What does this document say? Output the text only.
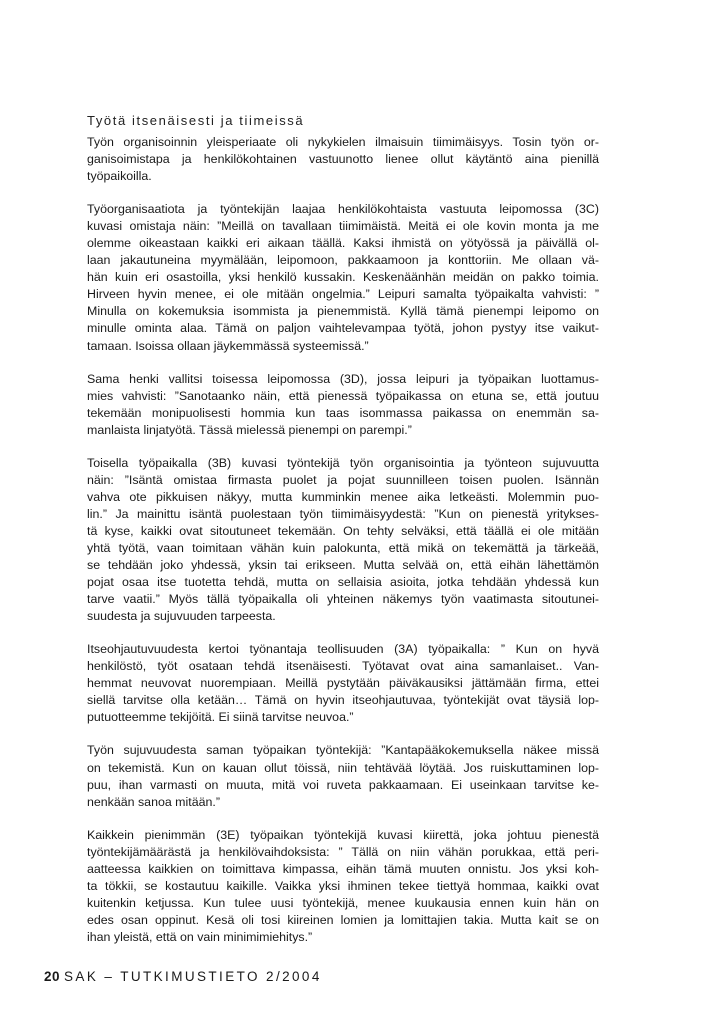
Työtä itsenäisesti ja tiimeissä
Työn organisoinnin yleisperiaate oli nykykielen ilmaisuin tiimimäisyys. Tosin työn or-
ganisoimistapa ja henkilökohtainen vastuunotto lienee ollut käytäntö aina pienillä
työpaikoilla.
Työorganisaatiota ja työntekijän laajaa henkilökohtaista vastuuta leipomossa (3C)
kuvasi omistaja näin: ”Meillä on tavallaan tiimimäistä. Meitä ei ole kovin monta ja me
olemme oikeastaan kaikki eri aikaan täällä. Kaksi ihmistä on yötyössä ja päivällä ol-
laan jakautuneina myymälään, leipomoon, pakkaamoon ja konttoriin. Me ollaan vä-
hän kuin eri osastoilla, yksi henkilö kussakin. Keskenäänhän meidän on pakko toimia.
Hirveen hyvin menee, ei ole mitään ongelmia.” Leipuri samalta työpaikalta vahvisti: ”
Minulla on kokemuksia isommista ja pienemmistä. Kyllä tämä pienempi leipomo on
minulle ominta alaa. Tämä on paljon vaihtelevampaa työtä, johon pystyy itse vaikut-
tamaan. Isoissa ollaan jäykemmässä systeemissä.”
Sama henki vallitsi toisessa leipomossa (3D), jossa leipuri ja työpaikan luottamus-
mies vahvisti: ”Sanotaanko näin, että pienessä työpaikassa on etuna se, että joutuu
tekemään monipuolisesti hommia kun taas isommassa paikassa on enemmän sa-
manlaista linjatyötä. Tässä mielessä pienempi on parempi.”
Toisella työpaikalla (3B) kuvasi työntekijä työn organisointia ja työnteon sujuvuutta
näin: ”Isäntä omistaa firmasta puolet ja pojat suunnilleen toisen puolen. Isännän
vahva ote pikkuisen näkyy, mutta kumminkin menee aika letkeästi. Molemmin puo-
lin.” Ja mainittu isäntä puolestaan työn tiimimäisyydestä: ”Kun on pienestä yritykses-
tä kyse, kaikki ovat sitoutuneet tekemään. On tehty selväksi, että täällä ei ole mitään
yhtä työtä, vaan toimitaan vähän kuin palokunta, että mikä on tekemättä ja tärkeää,
se tehdään joko yhdessä, yksin tai erikseen. Mutta selvää on, että eihän lähettämön
pojat osaa itse tuotetta tehdä, mutta on sellaisia asioita, jotka tehdään yhdessä kun
tarve vaatii.” Myös tällä työpaikalla oli yhteinen näkemys työn vaatimasta sitoutunei-
suudesta ja sujuvuuden tarpeesta.
Itseohjautuvuudesta kertoi työnantaja teollisuuden (3A) työpaikalla: ” Kun on hyvä
henkilöstö, työt osataan tehdä itsenäisesti. Työtavat ovat aina samanlaiset.. Van-
hemmat neuvovat nuorempiaan. Meillä pystytään päiväkausiksi jättämään firma, ettei
siellä tarvitse olla ketään… Tämä on hyvin itseohjautuvaa, työntekijät ovat täysiä lop-
putuotteemme tekijöitä. Ei siinä tarvitse neuvoa.”
Työn sujuvuudesta saman työpaikan työntekijä: ”Kantapääkokemuksella näkee missä
on tekemistä. Kun on kauan ollut töissä, niin tehtävää löytää. Jos ruiskuttaminen lop-
puu, ihan varmasti on muuta, mitä voi ruveta pakkaamaan. Ei useinkaan tarvitse ke-
nenkään sanoa mitään.”
Kaikkein pienimmän (3E) työpaikan työntekijä kuvasi kiirettä, joka johtuu pienestä
työntekijämäärästä ja henkilövaihdoksista: ” Tällä on niin vähän porukkaa, että peri-
aatteessa kaikkien on toimittava kimpassa, eihän tämä muuten onnistu. Jos yksi koh-
ta tökkii, se kostautuu kaikille. Vaikka yksi ihminen tekee tiettyä hommaa, kaikki ovat
kuitenkin ketjussa. Kun tulee uusi työntekijä, menee kuukausia ennen kuin hän on
edes osan oppinut. Kesä oli tosi kiireinen lomien ja lomittajien takia. Mutta kait se on
ihan yleistä, että on vain minimimiehitys.”
20 SAK – TUTKIMUSTIETO 2/2004
